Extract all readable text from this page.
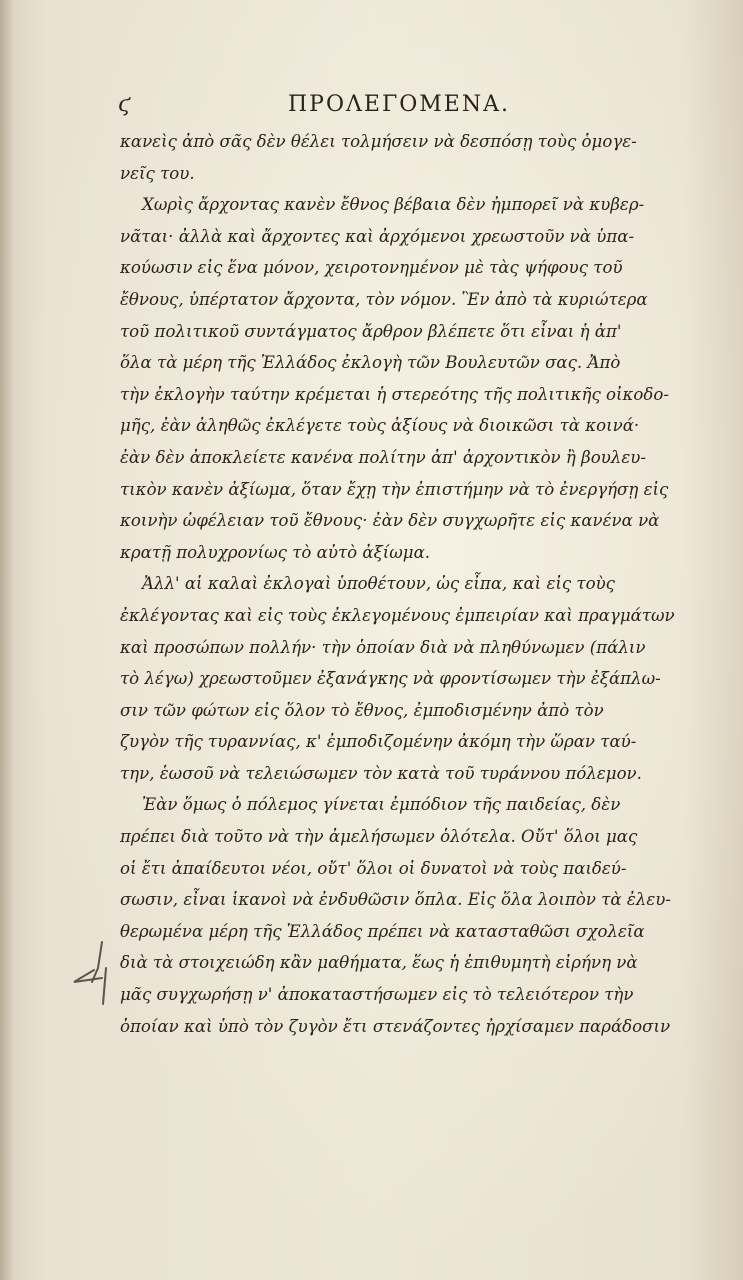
ϛ	ΠΡΟΛΕΓΟΜΕΝΑ.
κανεὶς ἀπὸ σᾶς δὲν θέλει τολμήσειν νὰ δεσπόσῃ τοὺς ὁμογε-
νεῖς του.
Χωρὶς ἄρχοντας κανὲν ἔθνος βέβαια δὲν ἠμπορεῖ νὰ κυβερ-
νᾶται· ἀλλὰ καὶ ἄρχοντες καὶ ἀρχόμενοι χρεωστοῦν νὰ ὑπα-
κούωσιν εἰς ἕνα μόνον, χειροτονημένον μὲ τὰς ψήφους τοῦ
ἔθνους, ὑπέρτατον ἄρχοντα, τὸν νόμον. Ἓν ἀπὸ τὰ κυριώτερα
τοῦ πολιτικοῦ συντάγματος ἄρθρον βλέπετε ὅτι εἶναι ἡ ἀπ'
ὅλα τὰ μέρη τῆς Ἑλλάδος ἐκλογὴ τῶν Βουλευτῶν σας. Ἀπὸ
τὴν ἐκλογὴν ταύτην κρέμεται ἡ στερεότης τῆς πολιτικῆς οἰκοδο-
μῆς, ἐὰν ἀληθῶς ἐκλέγετε τοὺς ἀξίους νὰ διοικῶσι τὰ κοινά·
ἐὰν δὲν ἀποκλείετε κανένα πολίτην ἀπ' ἀρχοντικὸν ἢ βουλευ-
τικὸν κανὲν ἀξίωμα, ὅταν ἔχῃ τὴν ἐπιστήμην νὰ τὸ ἐνεργήσῃ εἰς
κοινὴν ὠφέλειαν τοῦ ἔθνους· ἐὰν δὲν συγχωρῆτε εἰς κανένα νὰ
κρατῇ πολυχρονίως τὸ αὐτὸ ἀξίωμα.
Ἀλλ' αἱ καλαὶ ἐκλογαὶ ὑποθέτουν, ὡς εἶπα, καὶ εἰς τοὺς
ἐκλέγοντας καὶ εἰς τοὺς ἐκλεγομένους ἐμπειρίαν καὶ πραγμάτων
καὶ προσώπων πολλήν· τὴν ὁποίαν διὰ νὰ πληθύνωμεν (πάλιν
τὸ λέγω) χρεωστοῦμεν ἐξανάγκης νὰ φροντίσωμεν τὴν ἐξάπλω-
σιν τῶν φώτων εἰς ὅλον τὸ ἔθνος, ἐμποδισμένην ἀπὸ τὸν
ζυγὸν τῆς τυραννίας, κ' ἐμποδιζομένην ἀκόμη τὴν ὥραν ταύ-
την, ἑωσοῦ νὰ τελειώσωμεν τὸν κατὰ τοῦ τυράννου πόλεμον.
Ἐὰν ὅμως ὁ πόλεμος γίνεται ἐμπόδιον τῆς παιδείας, δὲν
πρέπει διὰ τοῦτο νὰ τὴν ἀμελήσωμεν ὁλότελα. Οὔτ' ὅλοι μας
οἱ ἔτι ἀπαίδευτοι νέοι, οὔτ' ὅλοι οἱ δυνατοὶ νὰ τοὺς παιδεύ-
σωσιν, εἶναι ἱκανοὶ νὰ ἐνδυθῶσιν ὅπλα. Εἰς ὅλα λοιπὸν τὰ ἐλευ-
θερωμένα μέρη τῆς Ἑλλάδος πρέπει νὰ κατασταθῶσι σχολεῖα
διὰ τὰ στοιχειώδη κἂν μαθήματα, ἕως ἡ ἐπιθυμητὴ εἰρήνη νὰ
μᾶς συγχωρήσῃ ν' ἀποκαταστήσωμεν εἰς τὸ τελειότερον τὴν
ὁποίαν καὶ ὑπὸ τὸν ζυγὸν ἔτι στενάζοντες ἠρχίσαμεν παράδοσιν
